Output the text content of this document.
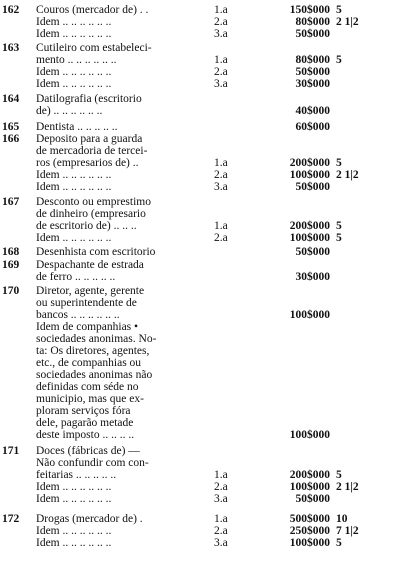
162 Couros (mercador de) . .	1.a	150$000 5
Idem .. .. .. .. .. ..	2.a	80$000 2 1|2
Idem .. .. .. .. .. ..	3.a	50$000
163 Cutileiro com estabeleci-
mento .. .. .. .. .. ..	1.a	80$000 5
Idem .. .. .. .. .. ..	2.a	50$000
Idem .. .. .. .. .. ..	3.a	30$000
164 Datilografia (escritorio
de) .. .. .. .. .. ..	40$000
165 Dentista .. .. .. .. ..	60$000
166 Deposito para a guarda
de mercadoria de tercei-
ros (empresarios de) ..	1.a	200$000 5
Idem .. .. .. .. .. ..	2.a	100$000 2 1|2
Idem .. .. .. .. .. ..	3.a	50$000
167 Desconto ou emprestimo
de dinheiro (empresario
de escritorio de) .. .. ..	1.a	200$000 5
Idem .. .. .. .. .. ..	2.a	100$000 5
168 Desenhista com escritorio	50$000
169 Despachante de estrada
de ferro .. .. .. .. ..	30$000
170 Diretor, agente, gerente
ou superintendente de
bancos .. .. .. .. .. ..	100$000
Idem de companhias •
sociedades anonimas. No-
ta: Os diretores, agentes,
etc., de companhias ou
sociedades anonimas não
definidas com séde no
municipio, mas que ex-
ploram serviços fóra
dele, pagarão metade
deste imposto .. .. .. ..	100$000
171 Doces (fábricas de) —
Não confundir com con-
feitarias .. .. .. .. ..	1.a	200$000 5
Idem .. .. .. .. .. ..	2.a	100$000 2 1|2
Idem .. .. .. .. .. ..	3.a	50$000
172 Drogas (mercador de) .	1.a	500$000 10
Idem .. .. .. .. .. ..	2.a	250$000 7 1|2
Idem .. .. .. .. .. ..	3.a	100$000 5
